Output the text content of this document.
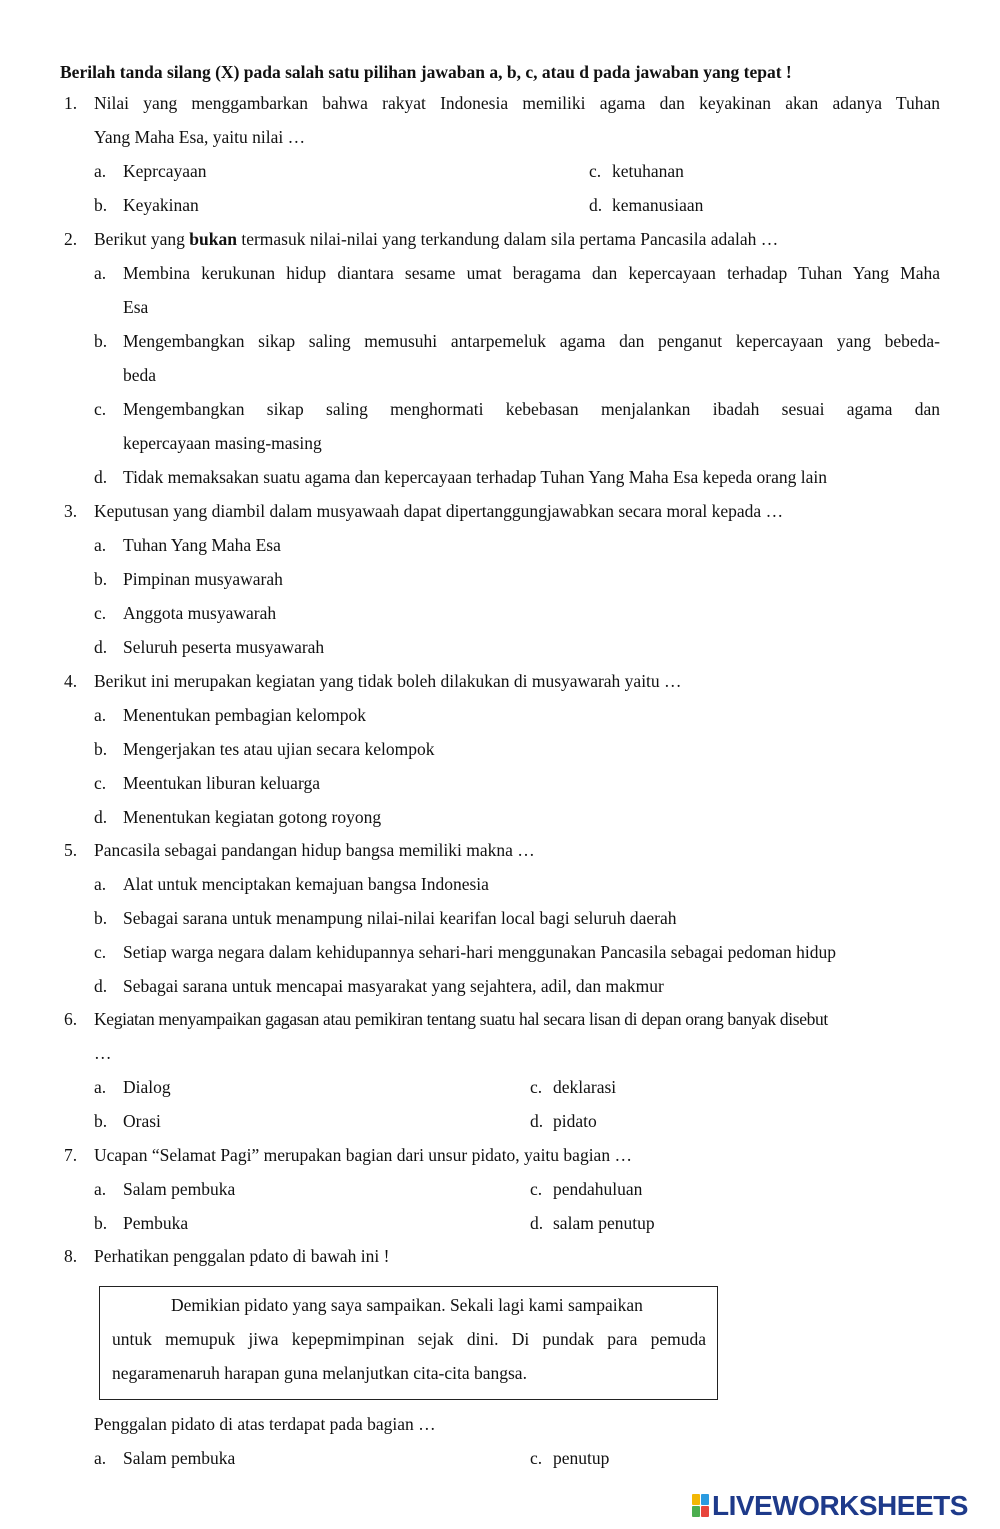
Berilah tanda silang (X) pada salah satu pilihan jawaban a, b, c, atau d pada jawaban yang tepat !
1. Nilai yang menggambarkan bahwa rakyat Indonesia memiliki agama dan keyakinan akan adanya Tuhan
Yang Maha Esa, yaitu nilai …
a. Keprcayaan	c. ketuhanan
b. Keyakinan	d. kemanusiaan
2. Berikut yang bukan termasuk nilai-nilai yang terkandung dalam sila pertama Pancasila adalah …
a. Membina kerukunan hidup diantara sesame umat beragama dan kepercayaan terhadap Tuhan Yang Maha
Esa
b. Mengembangkan sikap saling memusuhi antarpemeluk agama dan penganut kepercayaan yang bebeda-
beda
c. Mengembangkan sikap saling menghormati kebebasan menjalankan ibadah sesuai agama dan
kepercayaan masing-masing
d. Tidak memaksakan suatu agama dan kepercayaan terhadap Tuhan Yang Maha Esa kepeda orang lain
3. Keputusan yang diambil dalam musyawaah dapat dipertanggungjawabkan secara moral kepada …
a. Tuhan Yang Maha Esa
b. Pimpinan musyawarah
c. Anggota musyawarah
d. Seluruh peserta musyawarah
4. Berikut ini merupakan kegiatan yang tidak boleh dilakukan di musyawarah yaitu …
a. Menentukan pembagian kelompok
b. Mengerjakan tes atau ujian secara kelompok
c. Meentukan liburan keluarga
d. Menentukan kegiatan gotong royong
5. Pancasila sebagai pandangan hidup bangsa memiliki makna …
a. Alat untuk menciptakan kemajuan bangsa Indonesia
b. Sebagai sarana untuk menampung nilai-nilai kearifan local bagi seluruh daerah
c. Setiap warga negara dalam kehidupannya sehari-hari menggunakan Pancasila sebagai pedoman hidup
d. Sebagai sarana untuk mencapai masyarakat yang sejahtera, adil, dan makmur
6. Kegiatan menyampaikan gagasan atau pemikiran tentang suatu hal secara lisan di depan orang banyak disebut
…
a. Dialog	c. deklarasi
b. Orasi	d. pidato
7. Ucapan “Selamat Pagi” merupakan bagian dari unsur pidato, yaitu bagian …
a. Salam pembuka	c. pendahuluan
b. Pembuka	d. salam penutup
8. Perhatikan penggalan pdato di bawah ini !
Demikian pidato yang saya sampaikan. Sekali lagi kami sampaikan
untuk memupuk jiwa kepepmimpinan sejak dini. Di pundak para pemuda
negaramenaruh harapan guna melanjutkan cita-cita bangsa.
Penggalan pidato di atas terdapat pada bagian …
a. Salam pembuka	c. penutup
LIVEWORKSHEETS
